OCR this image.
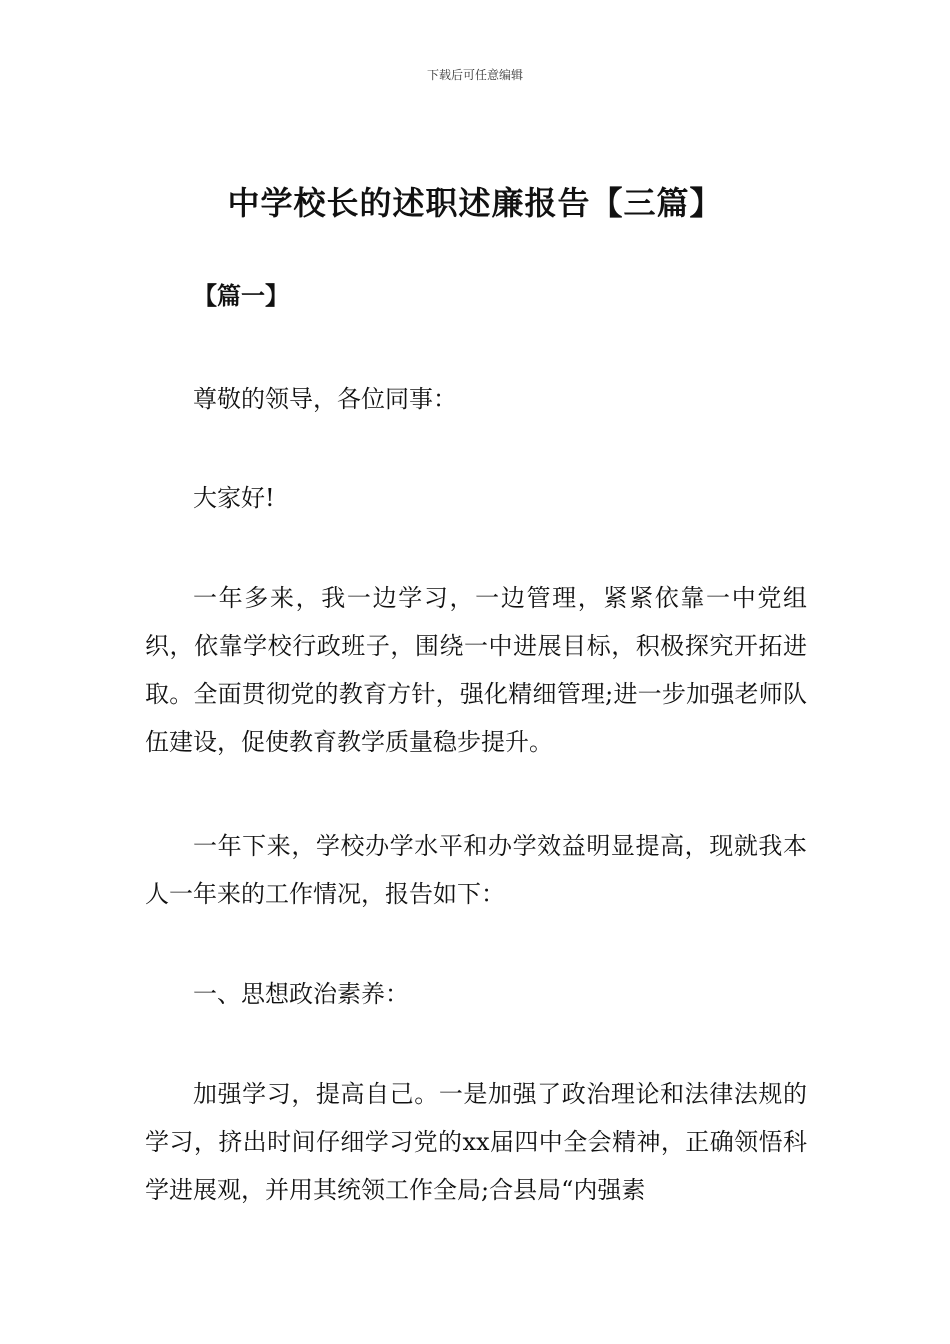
下载后可任意编辑
中学校长的述职述廉报告【三篇】

【篇一】

尊敬的领导，各位同事：

大家好!

一年多来，我一边学习，一边管理，紧紧依靠一中党组织，依靠学校行政班子，围绕一中进展目标，积极探究开拓进取。全面贯彻党的教育方针，强化精细管理;进一步加强老师队伍建设，促使教育教学质量稳步提升。

一年下来，学校办学水平和办学效益明显提高，现就我本人一年来的工作情况，报告如下：

一、思想政治素养：

加强学习，提高自己。一是加强了政治理论和法律法规的学习，挤出时间仔细学习党的xx届四中全会精神，正确领悟科学进展观，并用其统领工作全局;合县局“内强素
